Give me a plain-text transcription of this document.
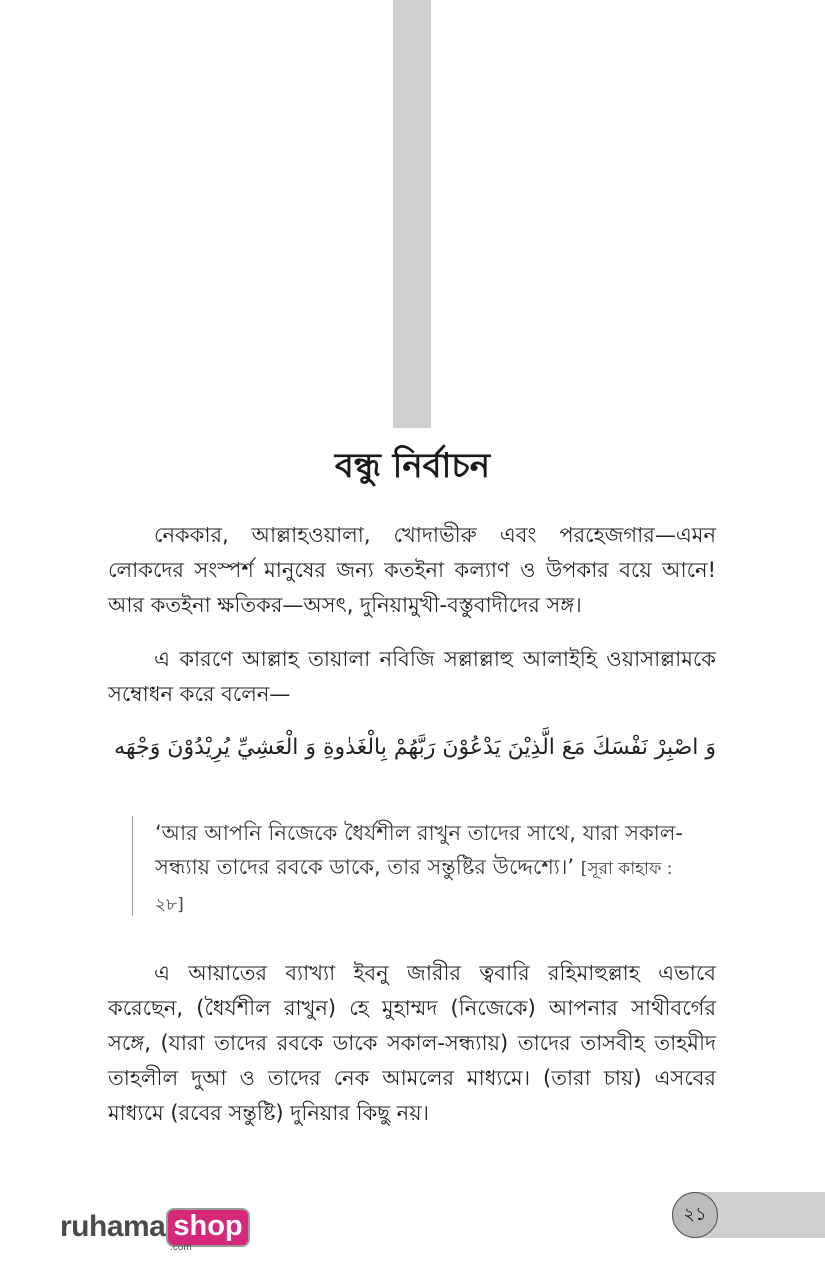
বন্ধু নির্বাচন
নেককার, আল্লাহওয়ালা, খোদাভীরু এবং পরহেজগার—এমন লোকদের সংস্পর্শ মানুষের জন্য কতইনা কল্যাণ ও উপকার বয়ে আনে! আর কতইনা ক্ষতিকর—অসৎ, দুনিয়ামুখী-বস্তুবাদীদের সঙ্গ।
এ কারণে আল্লাহ তায়ালা নবিজি সল্লাল্লাহু আলাইহি ওয়াসাল্লামকে সম্বোধন করে বলেন—
وَ اصْبِرْ نَفْسَكَ مَعَ الَّذِيْنَ يَدْعُوْنَ رَبَّهُمْ بِالْغَدٰوةِ وَ الْعَشِيِّ يُرِيْدُوْنَ وَجْهَه
‘আর আপনি নিজেকে ধৈর্যশীল রাখুন তাদের সাথে, যারা সকাল-সন্ধ্যায় তাদের রবকে ডাকে, তার সন্তুষ্টির উদ্দেশ্যে।’ [সূরা কাহাফ : ২৮]
এ আয়াতের ব্যাখ্যা ইবনু জারীর ত্ববারি রহিমাহুল্লাহ এভাবে করেছেন, (ধৈর্যশীল রাখুন) হে মুহাম্মদ (নিজেকে) আপনার সাথীবর্গের সঙ্গে, (যারা তাদের রবকে ডাকে সকাল-সন্ধ্যায়) তাদের তাসবীহ তাহমীদ তাহলীল দুআ ও তাদের নেক আমলের মাধ্যমে। (তারা চায়) এসবের মাধ্যমে (রবের সন্তুষ্টি) দুনিয়ার কিছু নয়।
২১
ruhama shop
.com
